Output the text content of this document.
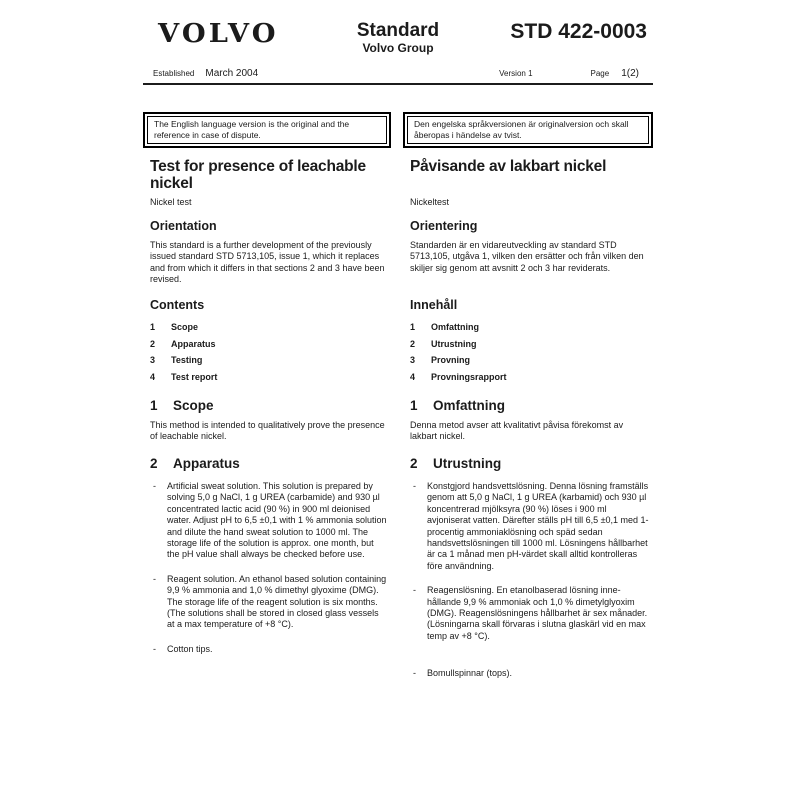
VOLVO	Standard
Volvo Group
STD 422-0003
Established March 2004	Version 1	Page 1(2)
The English language version is the original and the reference in case of dispute.
Test for presence of leachable nickel
Nickel test
Orientation

This standard is a further development of the previously issued standard STD 5713,105, issue 1, which it replaces and from which it differs in that sections 2 and 3 have been revised.

Contents
1	Scope
2	Apparatus
3	Testing
4	Test report
1	Scope

This method is intended to qualitatively prove the presence of leachable nickel.

2	Apparatus
-	Artificial sweat solution. This solution is prepared by solving 5,0 g NaCl, 1 g UREA (carbamide) and 930 µl concentrated lactic acid (90 %) in 900 ml deionised water. Adjust pH to 6,5 ±0,1 with 1 % ammonia solution and dilute the hand sweat solution to 1000 ml. The storage life of the solution is approx. one month, but the pH value shall always be checked before use.
-	Reagent solution. An ethanol based solution containing 9,9 % ammonia and 1,0 % dimethyl glyoxime (DMG). The storage life of the reagent solution is six months. (The solutions shall be stored in closed glass vessels at a max temperature of +8 °C).
-	Cotton tips.
Den engelska språkversionen är originalversion och skall åberopas i händelse av tvist.
Påvisande av lakbart nickel
Nickeltest
Orientering

Standarden är en vidareutveckling av standard STD 5713,105, utgåva 1, vilken den ersätter och från vilken den skiljer sig genom att avsnitt 2 och 3 har reviderats.

Innehåll
1	Omfattning
2	Utrustning
3	Provning
4	Provningsrapport
1	Omfattning

Denna metod avser att kvalitativt påvisa förekomst av lakbart nickel.

2	Utrustning
-	Konstgjord handsvettslösning. Denna lösning framställs genom att 5,0 g NaCl, 1 g UREA (karbamid) och 930 µl koncentrerad mjölksyra (90 %) löses i 900 ml avjoniserat vatten. Därefter ställs pH till 6,5 ±0,1 med 1-procentig ammoniaklösning och späd sedan handsvettslösningen till 1000 ml. Lösningens hållbarhet är ca 1 månad men pH-värdet skall alltid kontrolleras före användning.
-	Reagenslösning. En etanolbaserad lösning innehållande 9,9 % ammoniak och 1,0 % dimetylglyoxim (DMG). Reagenslösningens hållbarhet är sex månader. (Lösningarna skall förvaras i slutna glaskärl vid en max temp av +8 °C).
-	Bomullspinnar (tops).
